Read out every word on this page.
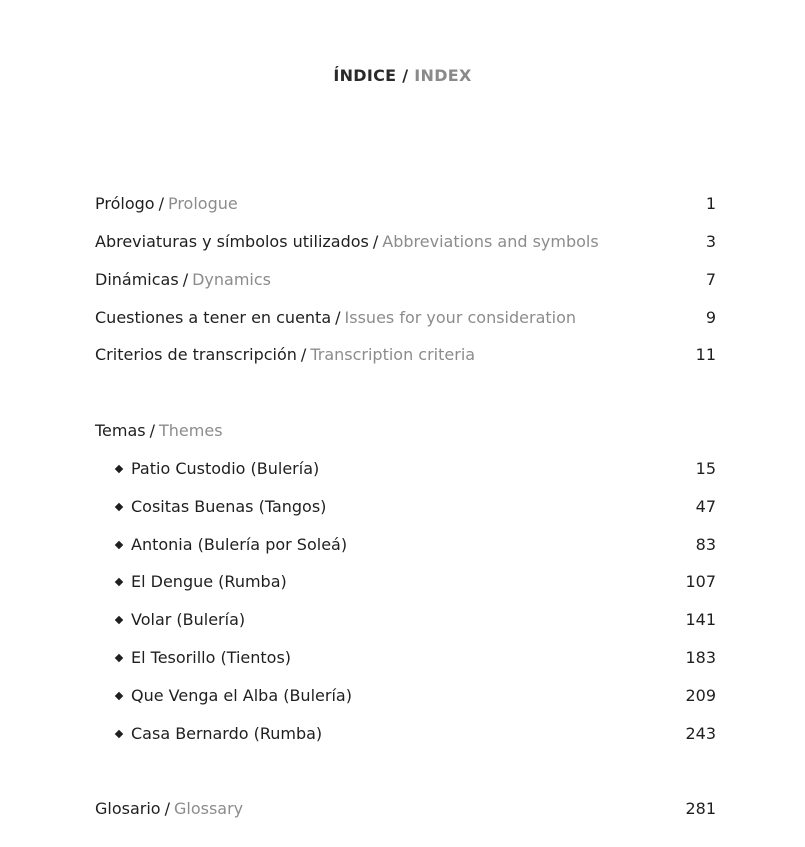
ÍNDICE / INDEX
Prólogo / Prologue	1
Abreviaturas y símbolos utilizados / Abbreviations and symbols	3
Dinámicas / Dynamics	7
Cuestiones a tener en cuenta / Issues for your consideration	9
Criterios de transcripción / Transcription criteria	11
Temas / Themes
Patio Custodio (Bulería)	15
Cositas Buenas (Tangos)	47
Antonia (Bulería por Soleá)	83
El Dengue (Rumba)	107
Volar (Bulería)	141
El Tesorillo (Tientos)	183
Que Venga el Alba (Bulería)	209
Casa Bernardo (Rumba)	243
Glosario / Glossary	281
